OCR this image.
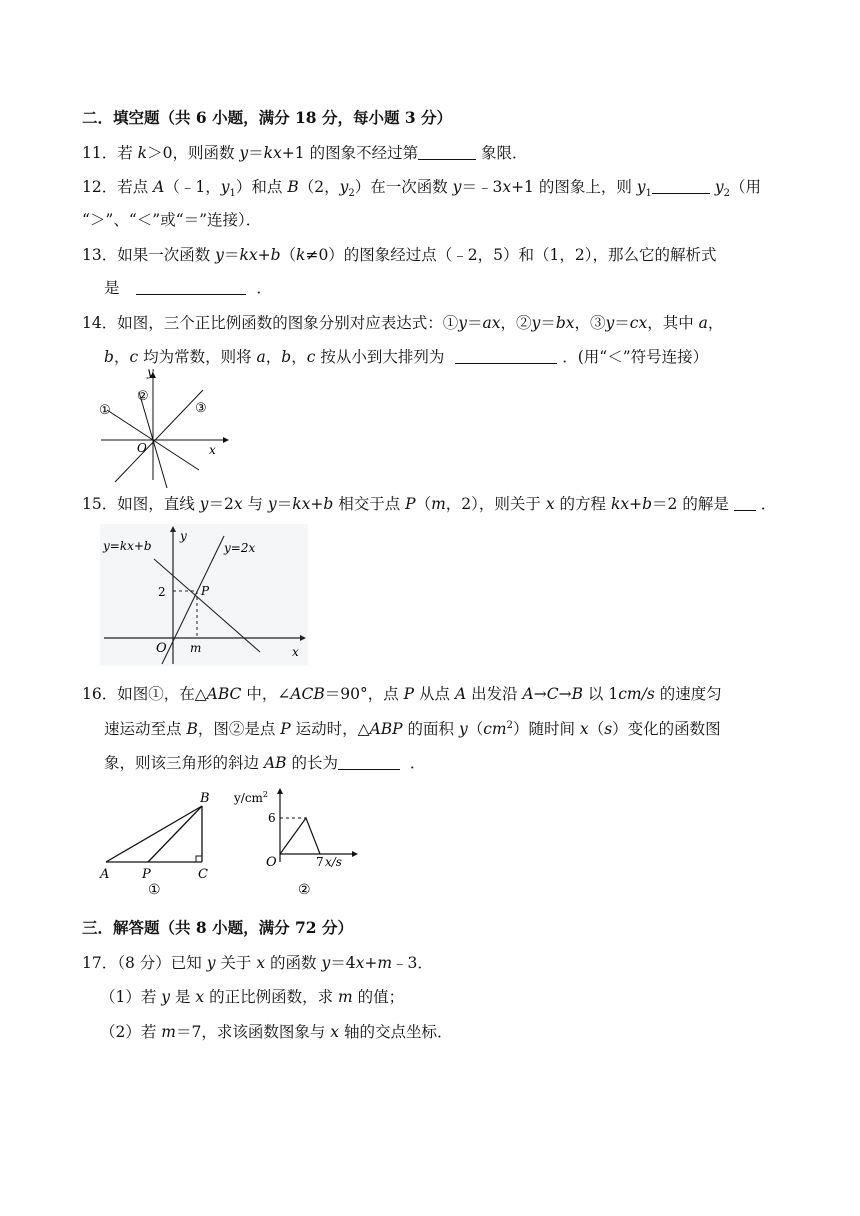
二．填空题（共 6 小题，满分 18 分，每小题 3 分）
11．若 k＞0，则函数 y＝kx+1 的图象不经过第	象限．
12．若点 A（﹣1，$y_1$）和点 B（2，$y_2$）在一次函数 y＝﹣3x+1 的图象上，则 $y_1$	$y_2$（用
“＞”、“＜”或“＝”连接）．
13．如果一次函数 y＝kx+b（k≠0）的图象经过点（﹣2，5）和（1，2），那么它的解析式
是	．
14．如图，三个正比例函数的图象分别对应表达式：①y＝ax，②y＝bx，③y＝cx，其中 a，
b，c 均为常数，则将 a，b，c 按从小到大排列为	．(用“＜”符号连接）
y
x
O
①
②
③
15．如图，直线 y＝2x 与 y＝kx+b 相交于点 P（m，2），则关于 x 的方程 kx+b＝2 的解是 ．
y=kx+b	y=2x
y
x
O m
2	P
16．如图①，在△ABC 中，∠ACB＝90°，点 P 从点 A 出发沿 A→C→B 以 1cm/s 的速度匀
速运动至点 B，图②是点 P 运动时，△ABP 的面积 $y(cm^2)$随时间 x（s）变化的函数图
象，则该三角形的斜边 AB 的长为	．
A	P	C
B
①
$y/cm^2$
6
O	7 x/s
②
三．解答题（共 8 小题，满分 72 分）
17．（8 分）已知 y 关于 x 的函数 y＝4x+m﹣3．
（1）若 y 是 x 的正比例函数，求 m 的值；
（2）若 m＝7，求该函数图象与 x 轴的交点坐标．
